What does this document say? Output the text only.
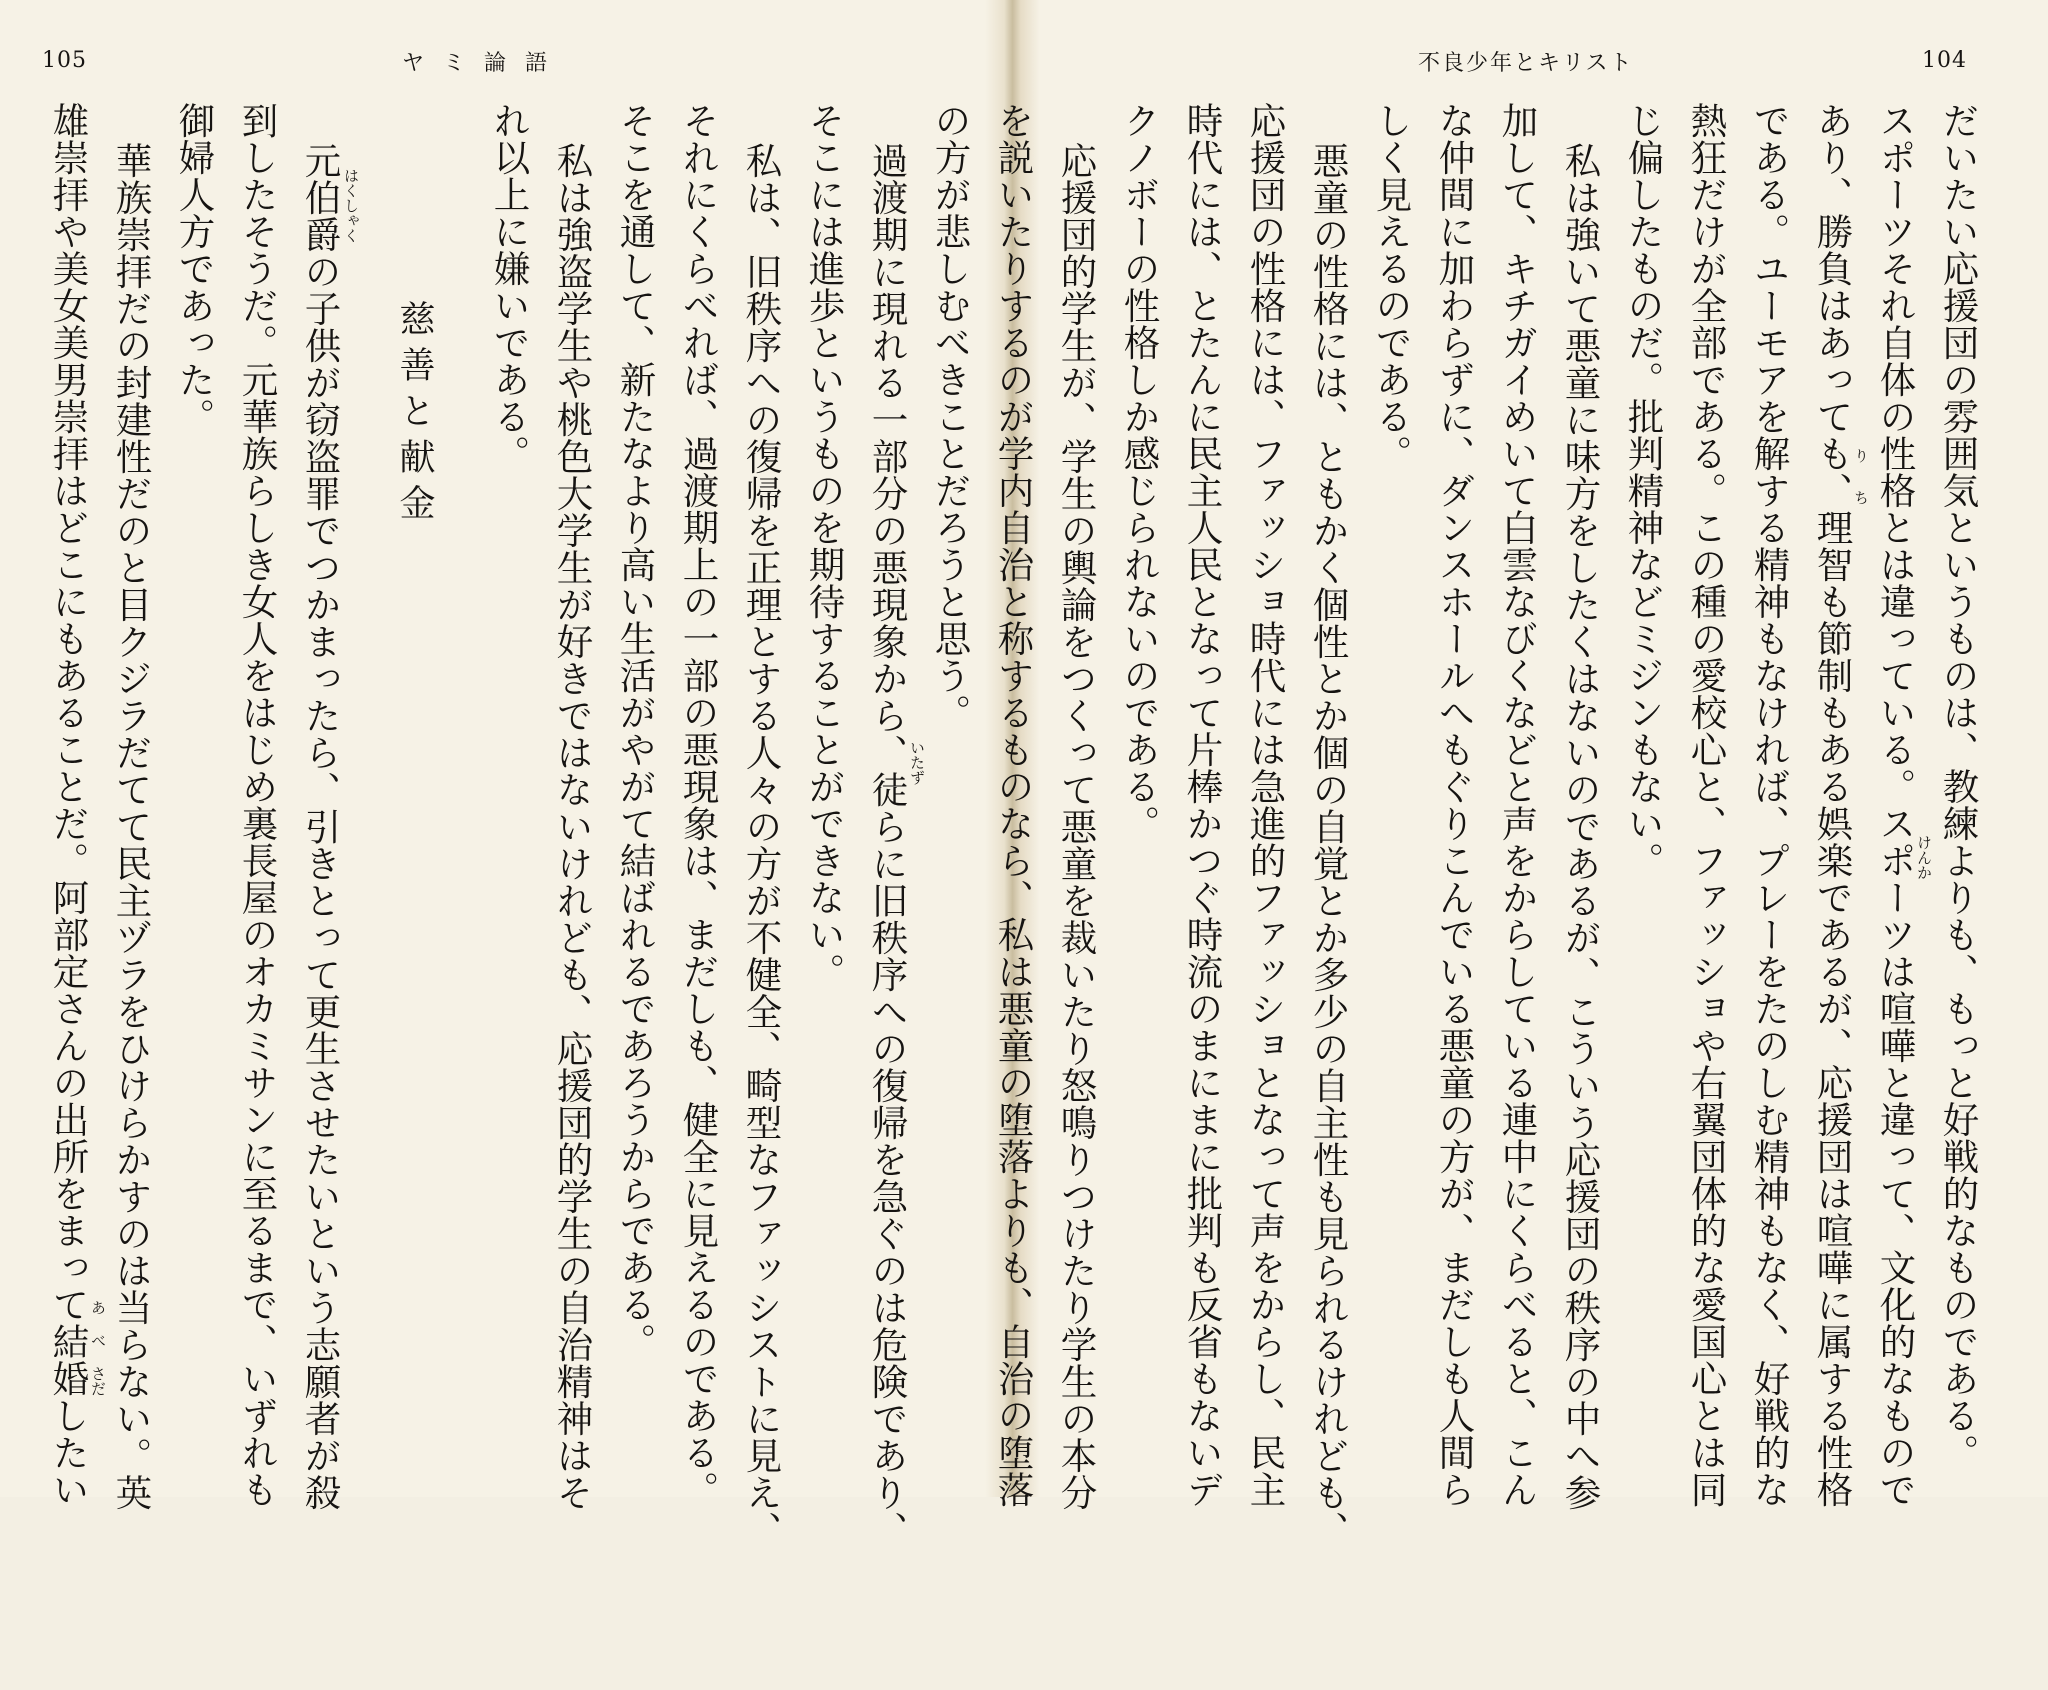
105	ヤ ミ 論 語	不良少年とキリスト	104
だいたい応援団の雰囲気というものは、教練よりも、もっと好戦的なものである。
スポーツそれ自体の性格とは違っている。スポーツは喧嘩と違って、文化的なもので
あり、勝負はあっても、理智も節制もある娯楽であるが、応援団は喧嘩に属する性格
である。ユーモアを解する精神もなければ、プレーをたのしむ精神もなく、好戦的な
熱狂だけが全部である。この種の愛校心と、ファッショや右翼団体的な愛国心とは同
じ偏したものだ。批判精神などミジンもない。
私は強いて悪童に味方をしたくはないのであるが、こういう応援団の秩序の中へ参
加して、キチガイめいて白雲なびくなどと声をからしている連中にくらべると、こん
な仲間に加わらずに、ダンスホールへもぐりこんでいる悪童の方が、まだしも人間ら
しく見えるのである。
悪童の性格には、ともかく個性とか個の自覚とか多少の自主性も見られるけれども、
応援団の性格には、ファッショ時代には急進的ファッショとなって声をからし、民主
時代には、とたんに民主人民となって片棒かつぐ時流のまにまに批判も反省もないデ
クノボーの性格しか感じられないのである。
応援団的学生が、学生の輿論をつくって悪童を裁いたり怒鳴りつけたり学生の本分
を説いたりするのが学内自治と称するものなら、私は悪童の堕落よりも、自治の堕落	けんか
り
ち
の方が悲しむべきことだろうと思う。
過渡期に現れる一部分の悪現象から、徒らに旧秩序への復帰を急ぐのは危険であり、
そこには進歩というものを期待することができない。
私は、旧秩序への復帰を正理とする人々の方が不健全、畸型なファッシストに見え、
それにくらべれば、過渡期上の一部の悪現象は、まだしも、健全に見えるのである。
そこを通して、新たなより高い生活がやがて結ばれるであろうからである。
私は強盗学生や桃色大学生が好きではないけれども、応援団的学生の自治精神はそ
れ以上に嫌いである。
慈善と献金
元伯爵の子供が窃盗罪でつかまったら、引きとって更生させたいという志願者が殺
到したそうだ。元華族らしき女人をはじめ裏長屋のオカミサンに至るまで、いずれも
御婦人方であった。
華族崇拝だの封建性だのと目クジラだてて民主ヅラをひけらかすのは当らない。英
雄崇拝や美女美男崇拝はどこにもあることだ。阿部定さんの出所をまって結婚したい	いたず
はくしゃく
あ べ さだ
